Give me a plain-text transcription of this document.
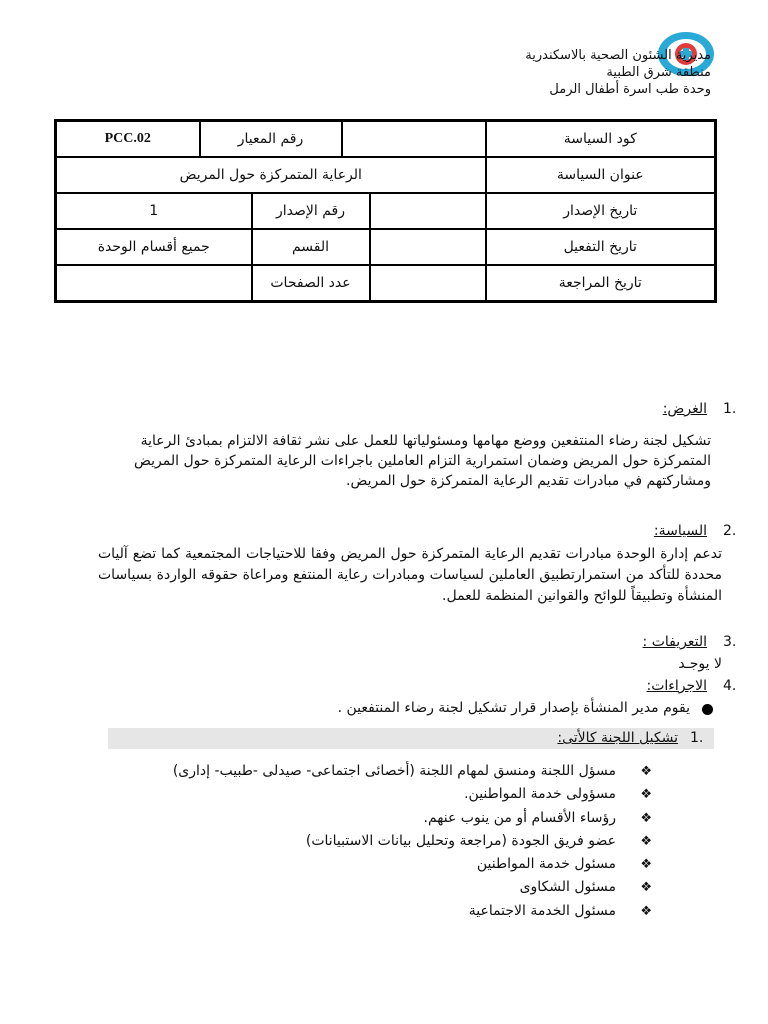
مديرية الشئون الصحية بالاسكندرية
منطقة شرق الطبية
وحدة طب اسرة أطفال الرمل
PCC.02	رقم المعيار				كود السياسة
الرعاية المتمركزة حول المريض					عنوان السياسة
1		رقم الإصدار			تاريخ الإصدار
جميع أقسام الوحدة		القسم			تاريخ التفعيل
		عدد الصفحات			تاريخ المراجعة
1.
الغرض:
تشكيل لجنة رضاء المنتفعين ووضع مهامها ومسئولياتها للعمل على نشر ثقافة الالتزام بمبادئ الرعاية المتمركزة حول المريض وضمان استمرارية التزام العاملين باجراءات الرعاية المتمركزة حول المريض ومشاركتهم في مبادرات تقديم الرعاية المتمركزة حول المريض.
2.
السياسة:
تدعم إدارة الوحدة مبادرات تقديم الرعاية المتمركزة حول المريض وفقا للاحتياجات المجتمعية كما تضع آليات محددة للتأكد من استمرارتطبيق العاملين لسياسات ومبادرات رعاية المنتفع ومراعاة حقوقه الواردة بسياسات المنشأة وتطبيقاً للوائح والقوانين المنظمة للعمل.
3.
التعريفات :
لا يوجـد
4.
الاجراءات:
يقوم مدير المنشأة بإصدار قرار تشكيل لجنة رضاء المنتفعين .
1.
تشكيل اللجنة كالأتى:
❖
مسؤل اللجنة ومنسق لمهام اللجنة (أخصائى اجتماعى- صيدلى -طبيب- إدارى)
❖
مسؤولى خدمة المواطنين.
❖
رؤساء الأقسام أو من ينوب عنهم.
❖
عضو فريق الجودة (مراجعة وتحليل بيانات الاستبيانات)
❖
مسئول خدمة المواطنين
❖
مسئول الشكاوى
❖
مسئول الخدمة الاجتماعية
